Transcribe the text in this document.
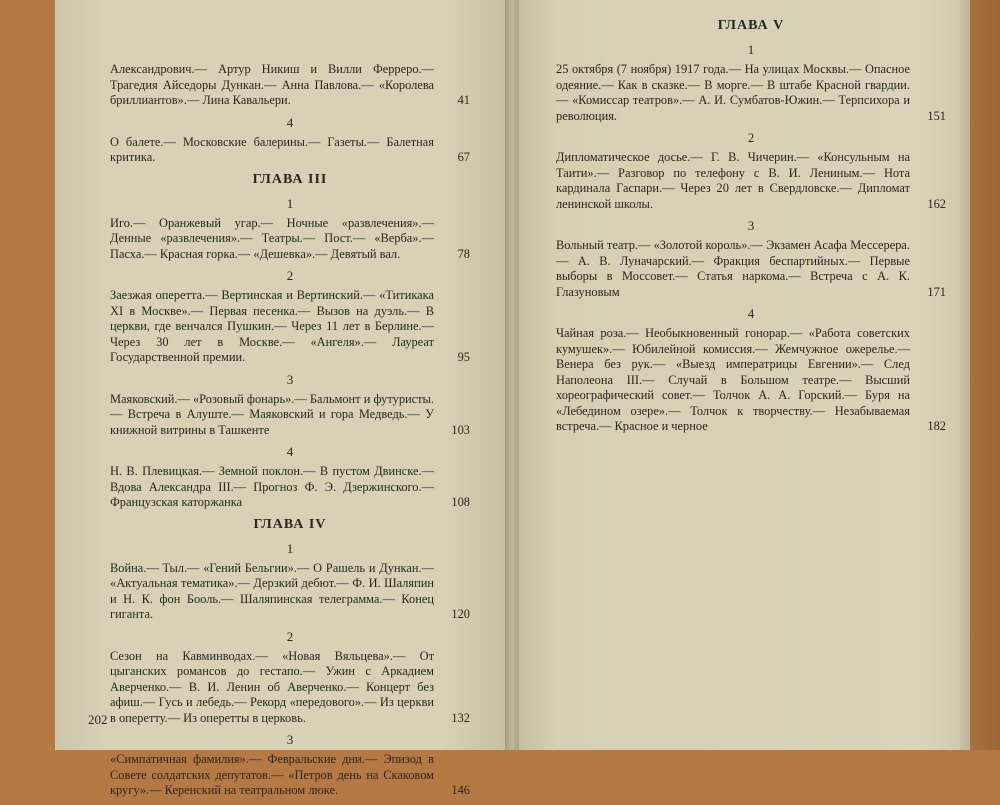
Александрович.— Артур Никиш и Вилли Ферреро.— Трагедия Айседоры Дункан.— Анна Павлова.— «Королева бриллиантов».— Лина Кавальери.	41
4
О балете.— Московские балерины.— Газеты.— Балетная критика.	67
ГЛАВА III
1
Иго.— Оранжевый угар.— Ночные «развлечения».— Денные «развлечения».— Театры.— Пост.— «Верба».— Пасха.— Красная горка.— «Дешевка».— Девятый вал.	78
2
Заезжая оперетта.— Вертинская и Вертинский.— «Титикака XI в Москве».— Первая песенка.— Вызов на дуэль.— В церкви, где венчался Пушкин.— Через 11 лет в Берлине.— Через 30 лет в Москве.— «Ангеля».— Лауреат Государственной премии.	95
3
Маяковский.— «Розовый фонарь».— Бальмонт и футуристы.— Встреча в Алуште.— Маяковский и гора Медведь.— У книжной витрины в Ташкенте	103
4
Н. В. Плевицкая.— Земной поклон.— В пустом Двинске.— Вдова Александра III.— Прогноз Ф. Э. Дзержинского.— Французская каторжанка	108
ГЛАВА IV
1
Война.— Тыл.— «Гений Бельгии».— О Рашель и Дункан.— «Актуальная тематика».— Дерзкий дебют.— Ф. И. Шаляпин и Н. К. фон Бооль.— Шаляпинская телеграмма.— Конец гиганта.	120
2
Сезон на Кавминводах.— «Новая Вяльцева».— От цыганских романсов до гестапо.— Ужин с Аркадием Аверченко.— В. И. Ленин об Аверченко.— Концерт без афиш.— Гусь и лебедь.— Рекорд «передового».— Из церкви в оперетту.— Из оперетты в церковь.	132
3
«Симпатичная фамилия».— Февральские дни.— Эпизод в Совете солдатских депутатов.— «Петров день на Скаковом кругу».— Керенский на театральном люке.	146
ГЛАВА V
1
25 октября (7 ноября) 1917 года.— На улицах Москвы.— Опасное одеяние.— Как в сказке.— В морге.— В штабе Красной гвардии.— «Комиссар театров».— А. И. Сумбатов-Южин.— Терпсихора и революция.	151
2
Дипломатическое досье.— Г. В. Чичерин.— «Консульным на Таити».— Разговор по телефону с В. И. Лениным.— Нота кардинала Гаспари.— Через 20 лет в Свердловске.— Дипломат ленинской школы.	162
3
Вольный театр.— «Золотой король».— Экзамен Асафа Мессерера.— А. В. Луначарский.— Фракция беспартийных.— Первые выборы в Моссовет.— Статья наркома.— Встреча с А. К. Глазуновым	171
4
Чайная роза.— Необыкновенный гонорар.— «Работа советских кумушек».— Юбилейной комиссия.— Жемчужное ожерелье.— Венера без рук.— «Выезд императрицы Евгении».— След Наполеона III.— Случай в Большом театре.— Высший хореографический совет.— Толчок А. А. Горский.— Буря на «Лебедином озере».— Толчок к творчеству.— Незабываемая встреча.— Красное и черное	182
202
